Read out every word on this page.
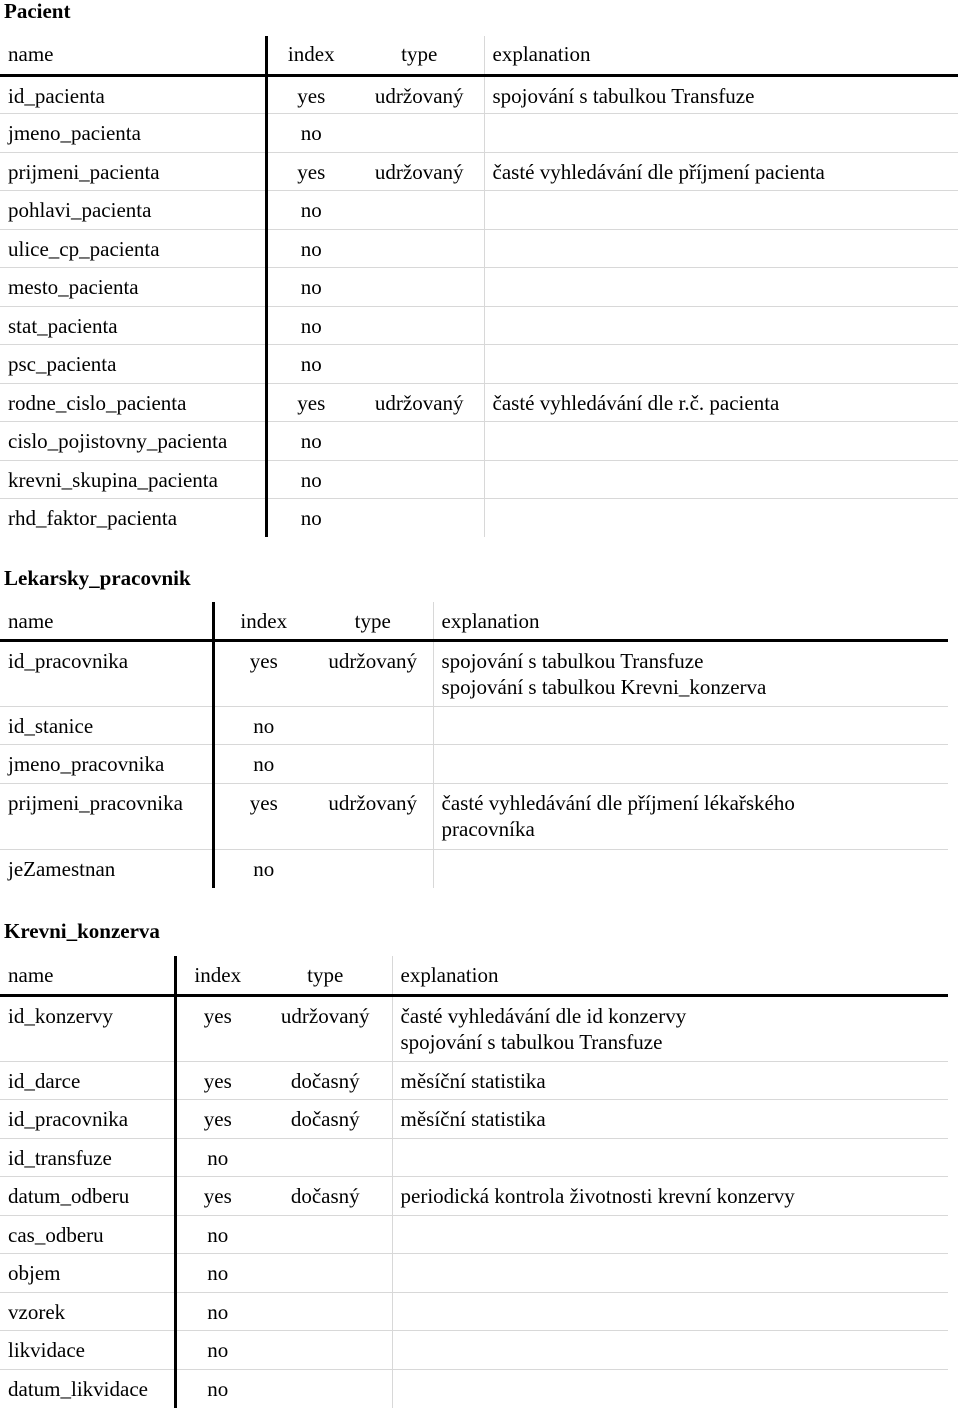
Pacient
name	index	type	explanation
id_pacienta	yes	udržovaný	spojování s tabulkou Transfuze

jmeno_pacienta	no		
prijmeni_pacienta	yes	udržovaný	časté vyhledávání dle příjmení pacienta

pohlavi_pacienta	no		
ulice_cp_pacienta	no		
mesto_pacienta	no		
stat_pacienta	no		
psc_pacienta	no		
rodne_cislo_pacienta	yes	udržovaný	časté vyhledávání dle r.č. pacienta

cislo_pojistovny_pacienta	no		
krevni_skupina_pacienta	no		
rhd_faktor_pacienta	no		
Lekarsky_pracovnik
name	index	type	explanation
id_pracovnika	yes	udržovaný	spojování s tabulkou Transfuze
spojování s tabulkou Krevni_konzerva

id_stanice	no		
jmeno_pracovnika	no		
prijmeni_pracovnika	yes	udržovaný	časté vyhledávání dle příjmení lékařského
pracovníka

jeZamestnan	no		
Krevni_konzerva
name	index	type	explanation
id_konzervy	yes	udržovaný	časté vyhledávání dle id konzervy
spojování s tabulkou Transfuze

id_darce	yes	dočasný	měsíční statistika

id_pracovnika	yes	dočasný	měsíční statistika

id_transfuze	no		
datum_odberu	yes	dočasný	periodická kontrola životnosti krevní konzervy

cas_odberu	no		
objem	no		
vzorek	no		
likvidace	no		
datum_likvidace	no		
